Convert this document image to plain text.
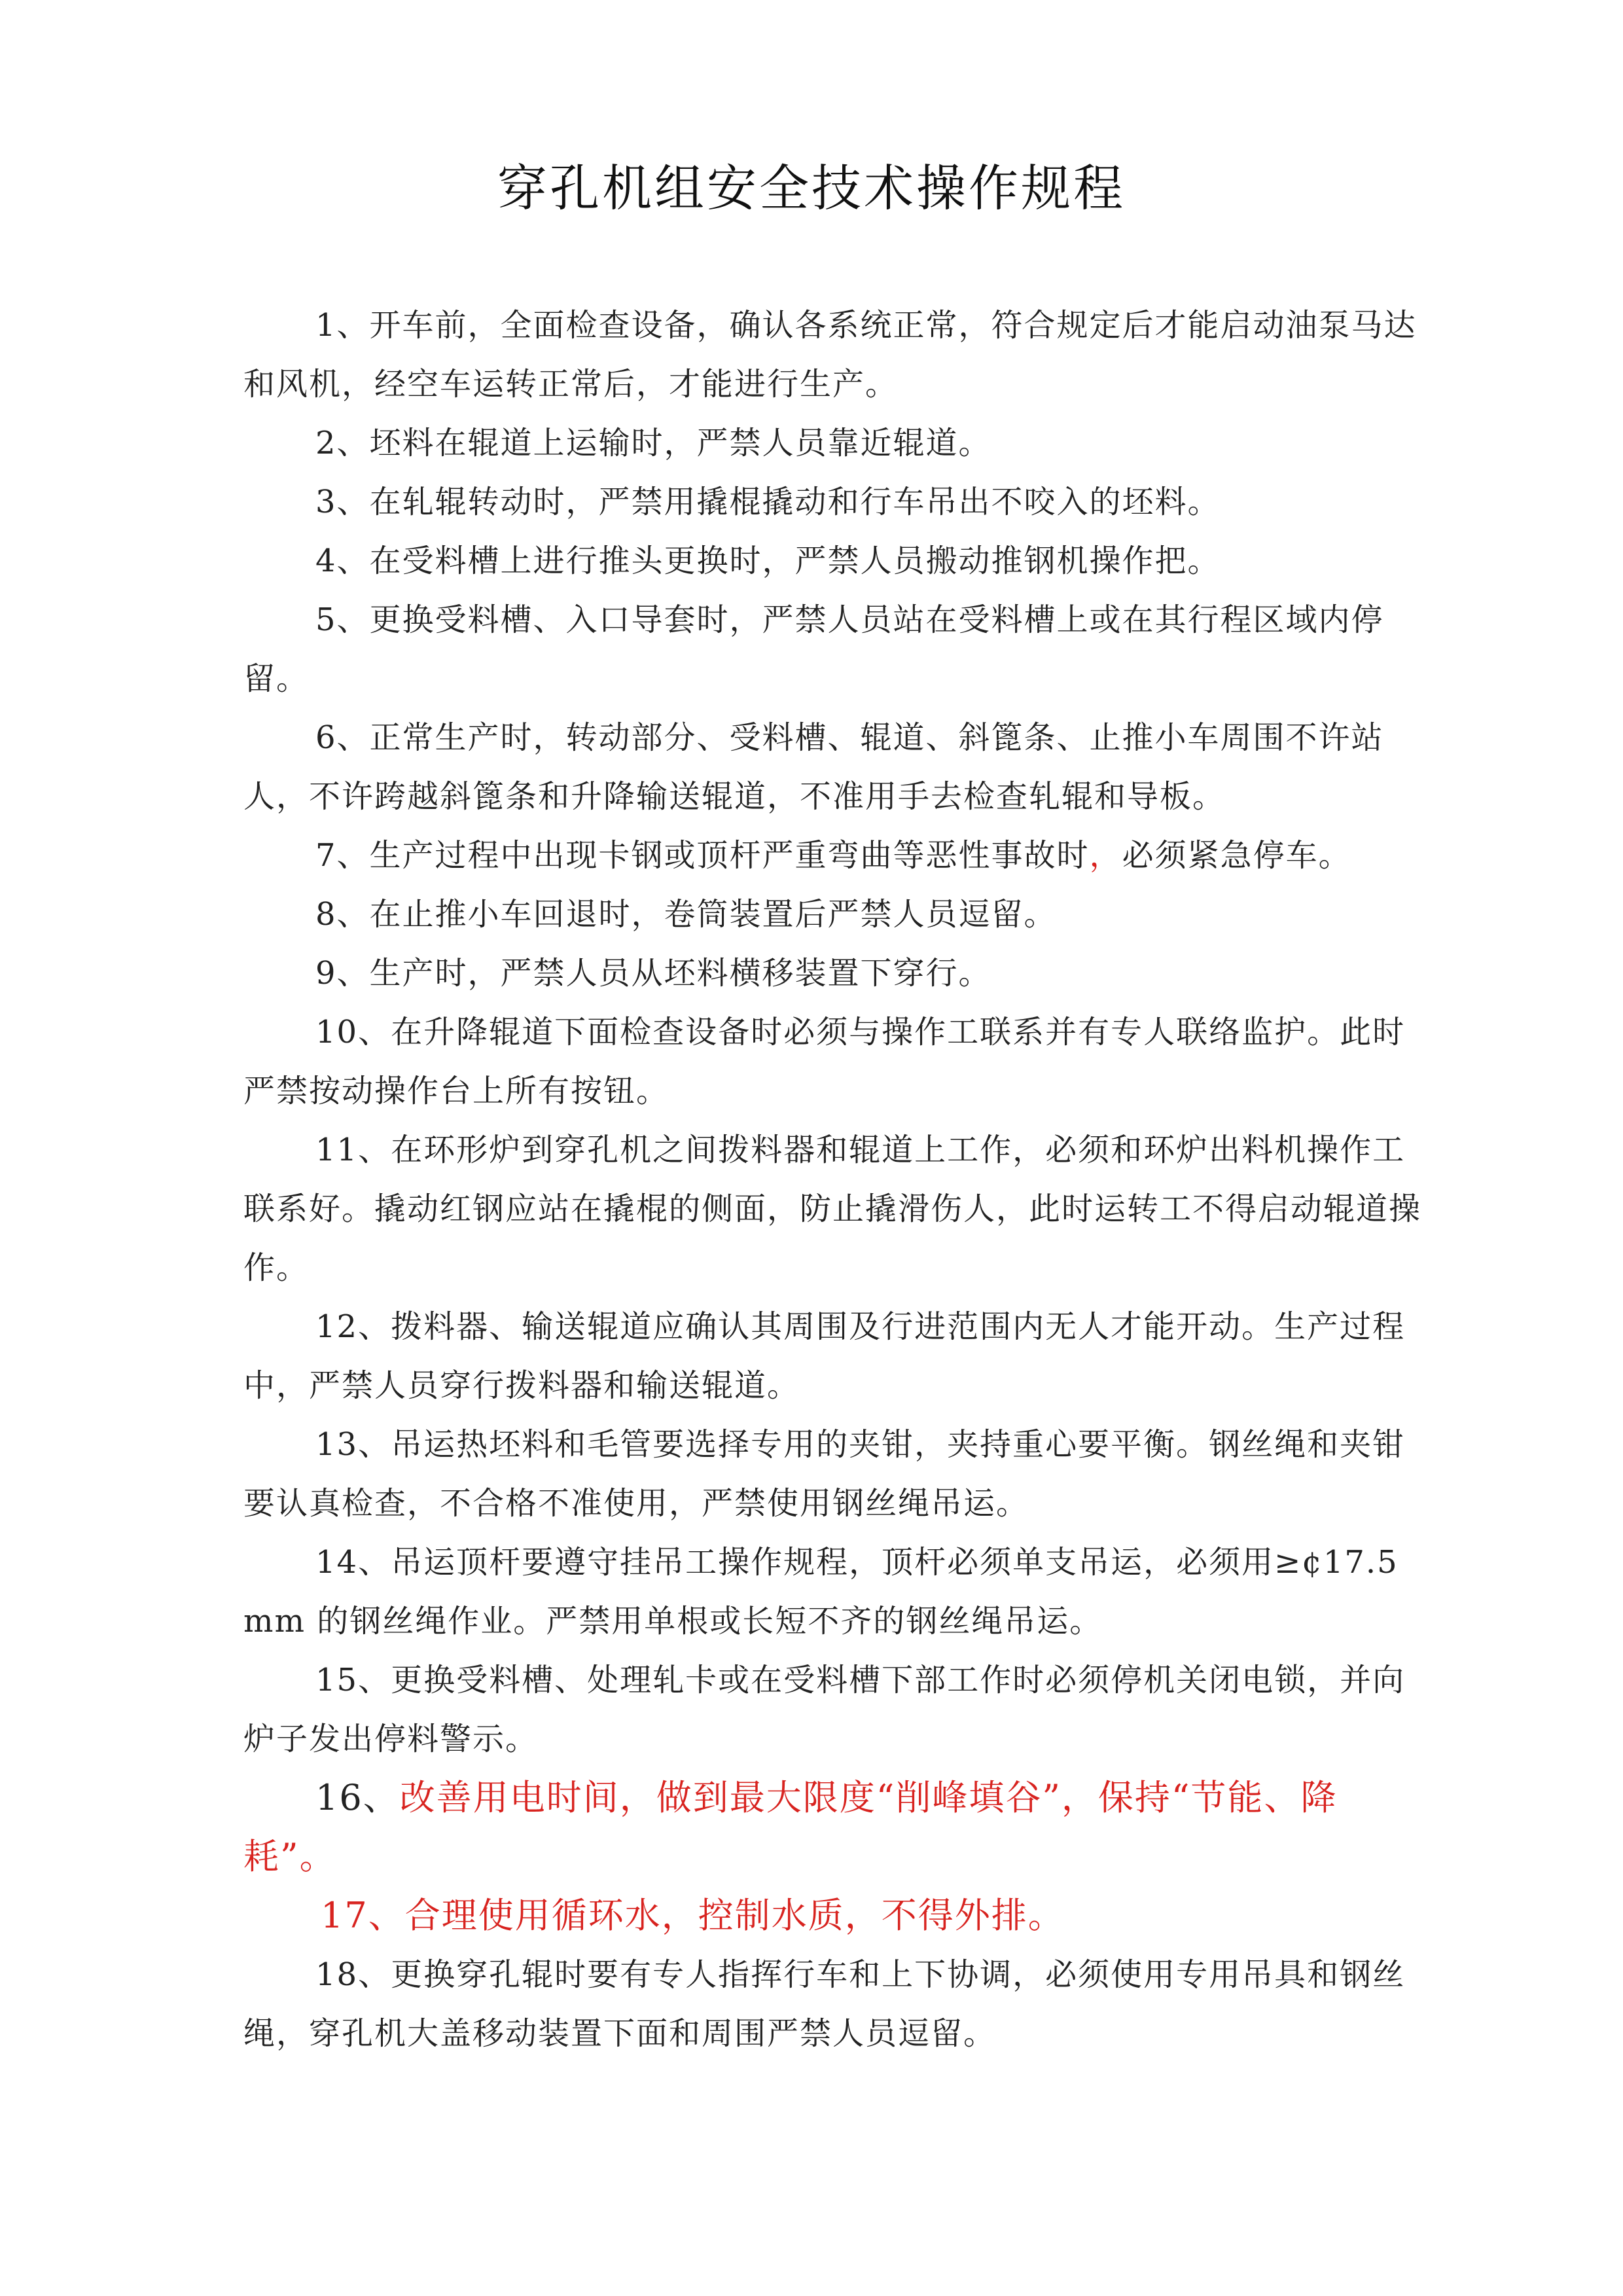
穿孔机组安全技术操作规程

1、开车前，全面检查设备，确认各系统正常，符合规定后才能启动油泵马达和风机，经空车运转正常后，才能进行生产。

2、坯料在辊道上运输时，严禁人员靠近辊道。

3、在轧辊转动时，严禁用撬棍撬动和行车吊出不咬入的坯料。

4、在受料槽上进行推头更换时，严禁人员搬动推钢机操作把。

5、更换受料槽、入口导套时，严禁人员站在受料槽上或在其行程区域内停留。

6、正常生产时，转动部分、受料槽、辊道、斜篦条、止推小车周围不许站人，不许跨越斜篦条和升降输送辊道，不准用手去检查轧辊和导板。

7、生产过程中出现卡钢或顶杆严重弯曲等恶性事故时，必须紧急停车。

8、在止推小车回退时，卷筒装置后严禁人员逗留。

9、生产时，严禁人员从坯料横移装置下穿行。

10、在升降辊道下面检查设备时必须与操作工联系并有专人联络监护。此时严禁按动操作台上所有按钮。

11、在环形炉到穿孔机之间拨料器和辊道上工作，必须和环炉出料机操作工联系好。撬动红钢应站在撬棍的侧面，防止撬滑伤人，此时运转工不得启动辊道操作。

12、拨料器、输送辊道应确认其周围及行进范围内无人才能开动。生产过程中，严禁人员穿行拨料器和输送辊道。

13、吊运热坯料和毛管要选择专用的夹钳，夹持重心要平衡。钢丝绳和夹钳要认真检查，不合格不准使用，严禁使用钢丝绳吊运。

14、吊运顶杆要遵守挂吊工操作规程，顶杆必须单支吊运，必须用≥¢17.5mm 的钢丝绳作业。严禁用单根或长短不齐的钢丝绳吊运。

15、更换受料槽、处理轧卡或在受料槽下部工作时必须停机关闭电锁，并向炉子发出停料警示。

16、改善用电时间，做到最大限度“削峰填谷”，保持“节能、降耗”。

17、合理使用循环水，控制水质，不得外排。

18、更换穿孔辊时要有专人指挥行车和上下协调，必须使用专用吊具和钢丝绳，穿孔机大盖移动装置下面和周围严禁人员逗留。
